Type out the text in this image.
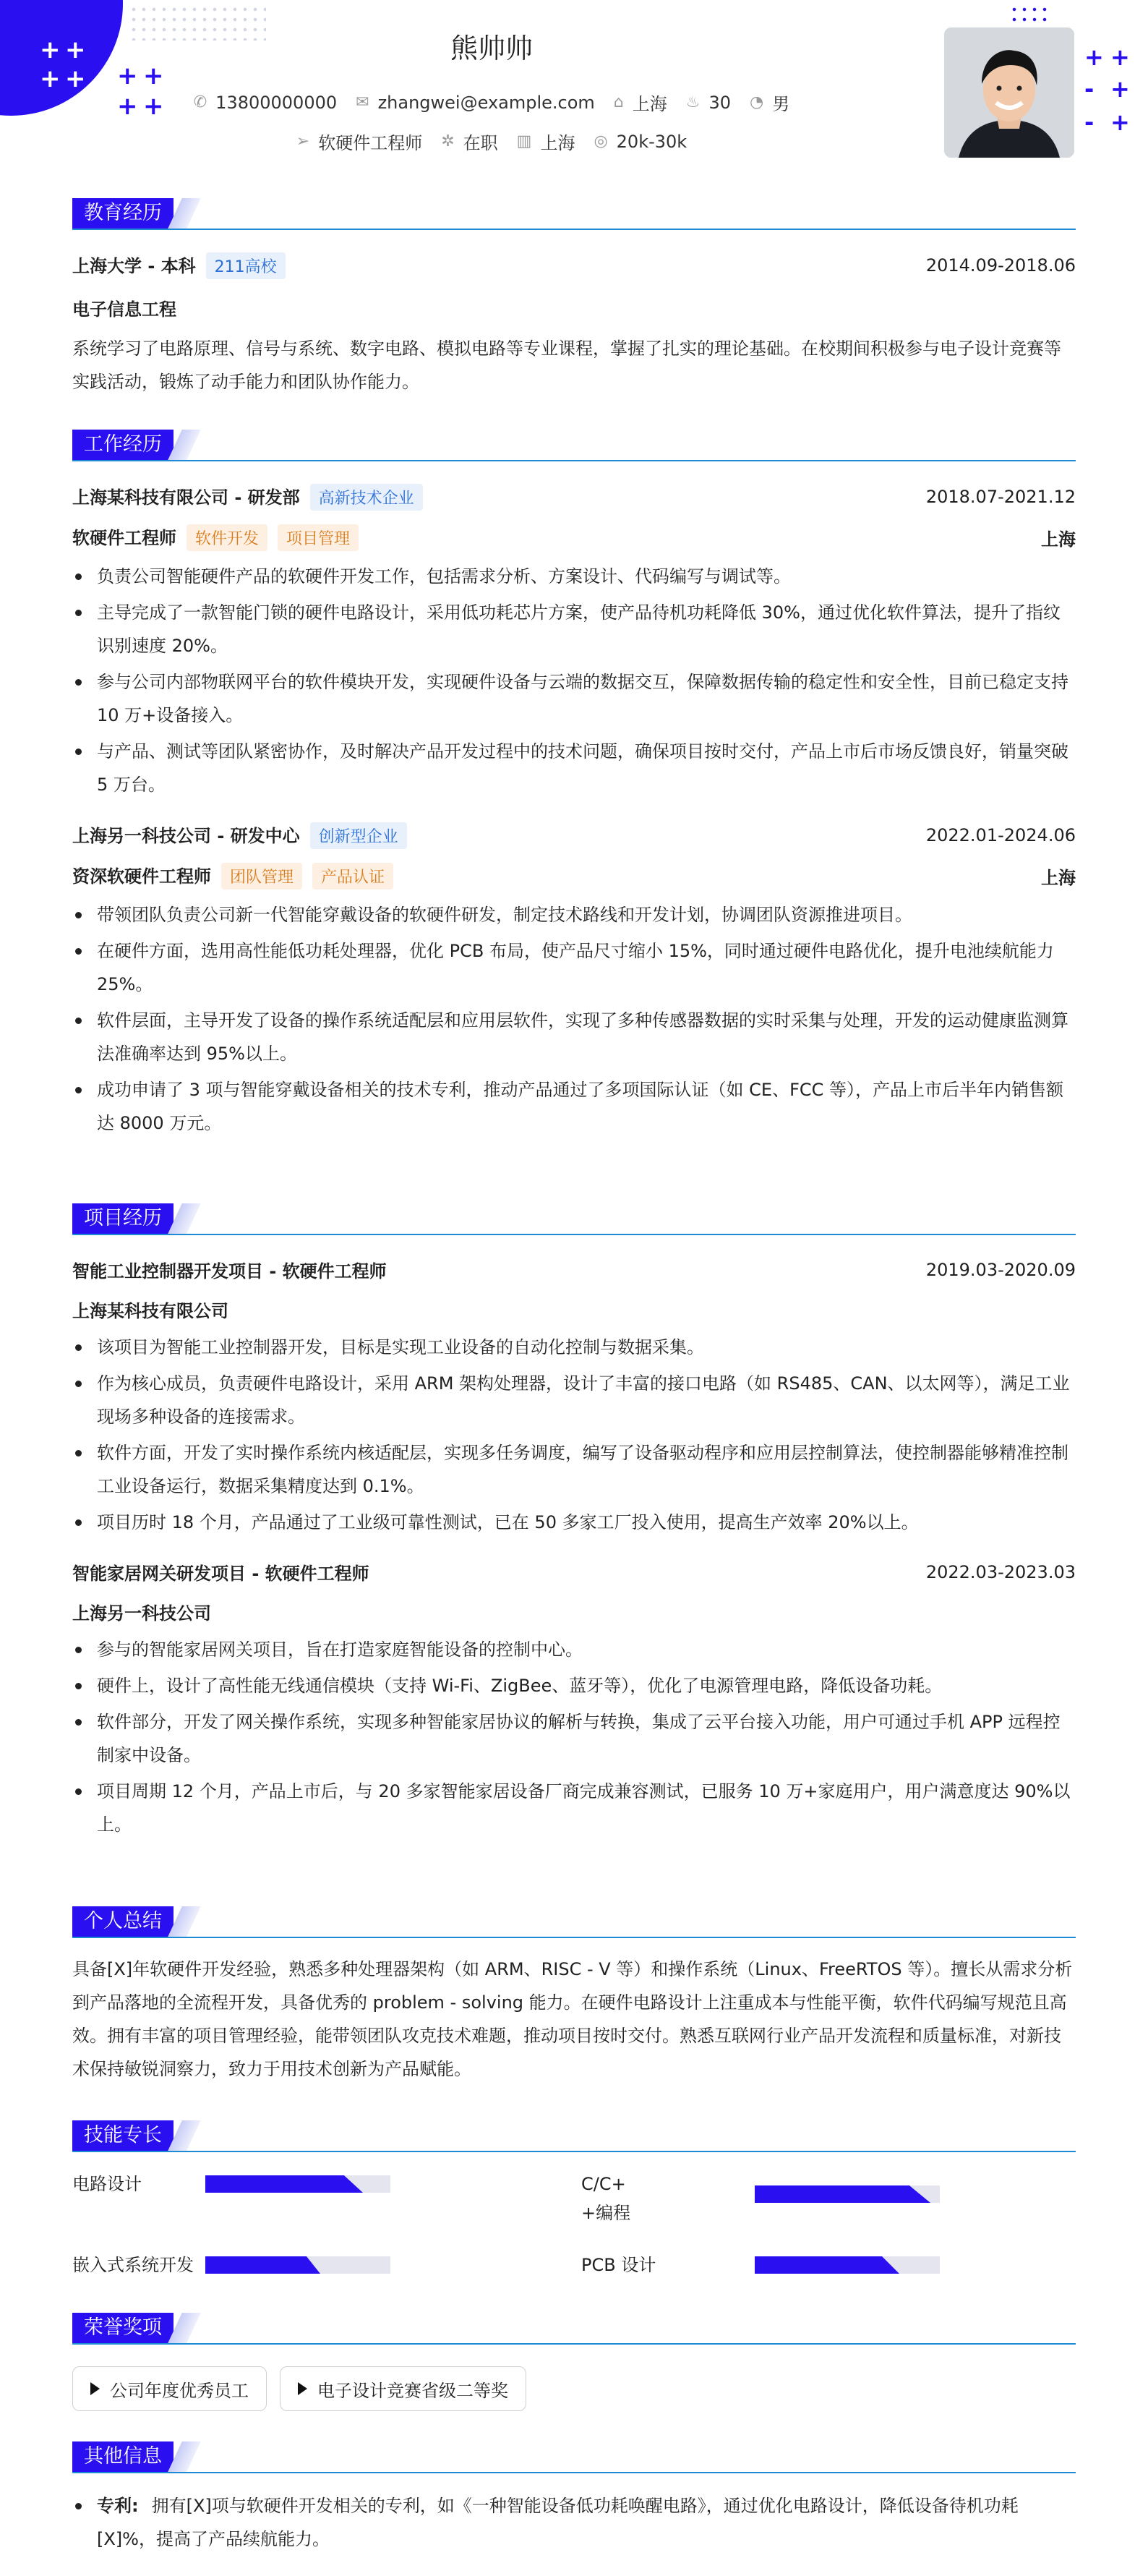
+ +
+ + + +
+ +
+ +
- +
- +
熊帅帅
✆ 13800000000 ✉ zhangwei@example.com ⌂ 上海 ♨ 30 ◔ 男
➢ 软硬件工程师 ✲ 在职 ▥ 上海 ◎ 20k-30k
教育经历
上海大学 - 本科 211高校	2014.09-2018.06
电子信息工程
系统学习了电路原理、信号与系统、数字电路、模拟电路等专业课程，掌握了扎实的理论基础。在校期间积极参与电子设计竞赛等实践活动，锻炼了动手能力和团队协作能力。
工作经历
上海某科技有限公司 - 研发部 高新技术企业	2018.07-2021.12
软硬件工程师 软件开发 项目管理	上海
负责公司智能硬件产品的软硬件开发工作，包括需求分析、方案设计、代码编写与调试等。
主导完成了一款智能门锁的硬件电路设计，采用低功耗芯片方案，使产品待机功耗降低 30%，通过优化软件算法，提升了指纹识别速度 20%。
参与公司内部物联网平台的软件模块开发，实现硬件设备与云端的数据交互，保障数据传输的稳定性和安全性，目前已稳定支持 10 万+设备接入。
与产品、测试等团队紧密协作，及时解决产品开发过程中的技术问题，确保项目按时交付，产品上市后市场反馈良好，销量突破 5 万台。
上海另一科技公司 - 研发中心 创新型企业	2022.01-2024.06
资深软硬件工程师 团队管理 产品认证	上海
带领团队负责公司新一代智能穿戴设备的软硬件研发，制定技术路线和开发计划，协调团队资源推进项目。
在硬件方面，选用高性能低功耗处理器，优化 PCB 布局，使产品尺寸缩小 15%，同时通过硬件电路优化，提升电池续航能力 25%。
软件层面，主导开发了设备的操作系统适配层和应用层软件，实现了多种传感器数据的实时采集与处理，开发的运动健康监测算法准确率达到 95%以上。
成功申请了 3 项与智能穿戴设备相关的技术专利，推动产品通过了多项国际认证（如 CE、FCC 等），产品上市后半年内销售额达 8000 万元。
项目经历
智能工业控制器开发项目 - 软硬件工程师	2019.03-2020.09
上海某科技有限公司
该项目为智能工业控制器开发，目标是实现工业设备的自动化控制与数据采集。
作为核心成员，负责硬件电路设计，采用 ARM 架构处理器，设计了丰富的接口电路（如 RS485、CAN、以太网等），满足工业现场多种设备的连接需求。
软件方面，开发了实时操作系统内核适配层，实现多任务调度，编写了设备驱动程序和应用层控制算法，使控制器能够精准控制工业设备运行，数据采集精度达到 0.1%。
项目历时 18 个月，产品通过了工业级可靠性测试，已在 50 多家工厂投入使用，提高生产效率 20%以上。
智能家居网关研发项目 - 软硬件工程师	2022.03-2023.03
上海另一科技公司
参与的智能家居网关项目，旨在打造家庭智能设备的控制中心。
硬件上，设计了高性能无线通信模块（支持 Wi-Fi、ZigBee、蓝牙等），优化了电源管理电路，降低设备功耗。
软件部分，开发了网关操作系统，实现多种智能家居协议的解析与转换，集成了云平台接入功能，用户可通过手机 APP 远程控制家中设备。
项目周期 12 个月，产品上市后，与 20 多家智能家居设备厂商完成兼容测试，已服务 10 万+家庭用户，用户满意度达 90%以上。
个人总结
具备[X]年软硬件开发经验，熟悉多种处理器架构（如 ARM、RISC - V 等）和操作系统（Linux、FreeRTOS 等）。擅长从需求分析到产品落地的全流程开发，具备优秀的 problem - solving 能力。在硬件电路设计上注重成本与性能平衡，软件代码编写规范且高效。拥有丰富的项目管理经验，能带领团队攻克技术难题，推动项目按时交付。熟悉互联网行业产品开发流程和质量标准，对新技术保持敏锐洞察力，致力于用技术创新为产品赋能。
技能专长
电路设计	C/C++编程
嵌入式系统开发	PCB 设计
荣誉奖项
公司年度优秀员工	电子设计竞赛省级二等奖
其他信息
专利: 拥有[X]项与软硬件开发相关的专利，如《一种智能设备低功耗唤醒电路》，通过优化电路设计，降低设备待机功耗[X]%，提高了产品续航能力。
